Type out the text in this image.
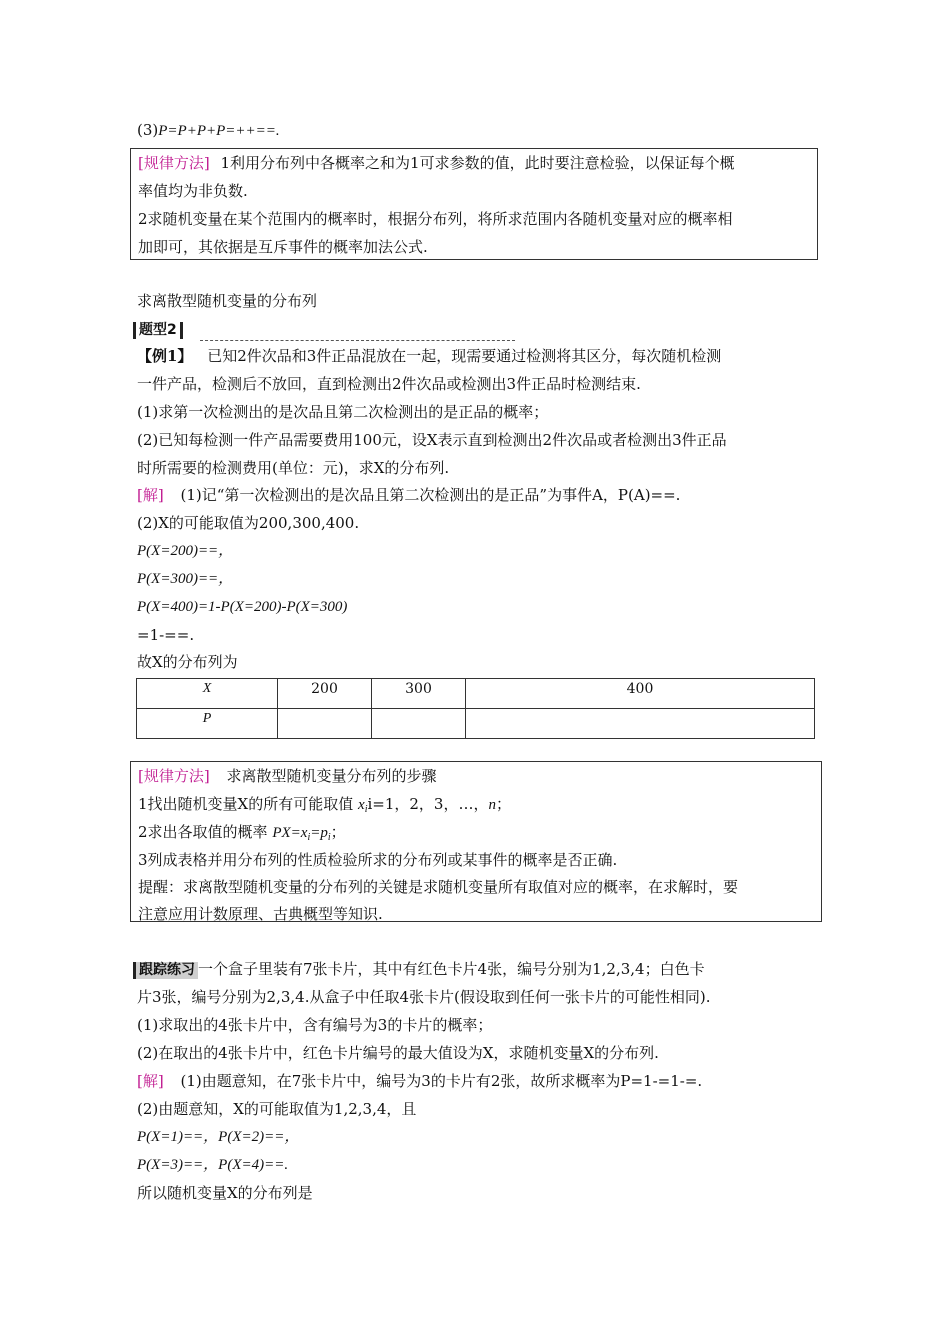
(3)P=P+P+P=++==.
[规律方法] 1利用分布列中各概率之和为1可求参数的值，此时要注意检验，以保证每个概
率值均为非负数.
2求随机变量在某个范围内的概率时，根据分布列，将所求范围内各随机变量对应的概率相
加即可，其依据是互斥事件的概率加法公式.
求离散型随机变量的分布列
题型2
【例1】 已知2件次品和3件正品混放在一起，现需要通过检测将其区分，每次随机检测
一件产品，检测后不放回，直到检测出2件次品或检测出3件正品时检测结束.
(1)求第一次检测出的是次品且第二次检测出的是正品的概率；
(2)已知每检测一件产品需要费用100元，设X表示直到检测出2件次品或者检测出3件正品
时所需要的检测费用(单位：元)，求X的分布列.
[解] (1)记“第一次检测出的是次品且第二次检测出的是正品”为事件A，P(A)==.
(2)X的可能取值为200,300,400.
P(X=200)==，
P(X=300)==，
P(X=400)=1-P(X=200)-P(X=300)
=1-==.
故X的分布列为
X	200	300	400
P			
[规律方法] 求离散型随机变量分布列的步骤
1找出随机变量X的所有可能取值 $x_ii=1$，2，3，…，n；
2求出各取值的概率 $PX=x_i=p_i$；
3列成表格并用分布列的性质检验所求的分布列或某事件的概率是否正确.
提醒：求离散型随机变量的分布列的关键是求随机变量所有取值对应的概率，在求解时，要
注意应用计数原理、古典概型等知识.
跟踪练习 一个盒子里装有7张卡片，其中有红色卡片4张，编号分别为1,2,3,4；白色卡
片3张，编号分别为2,3,4.从盒子中任取4张卡片(假设取到任何一张卡片的可能性相同).
(1)求取出的4张卡片中，含有编号为3的卡片的概率；
(2)在取出的4张卡片中，红色卡片编号的最大值设为X，求随机变量X的分布列.
[解] (1)由题意知，在7张卡片中，编号为3的卡片有2张，故所求概率为P=1-=1-=.
(2)由题意知，X的可能取值为1,2,3,4，且
P(X=1)==，P(X=2)==，
P(X=3)==，P(X=4)==.
所以随机变量X的分布列是
